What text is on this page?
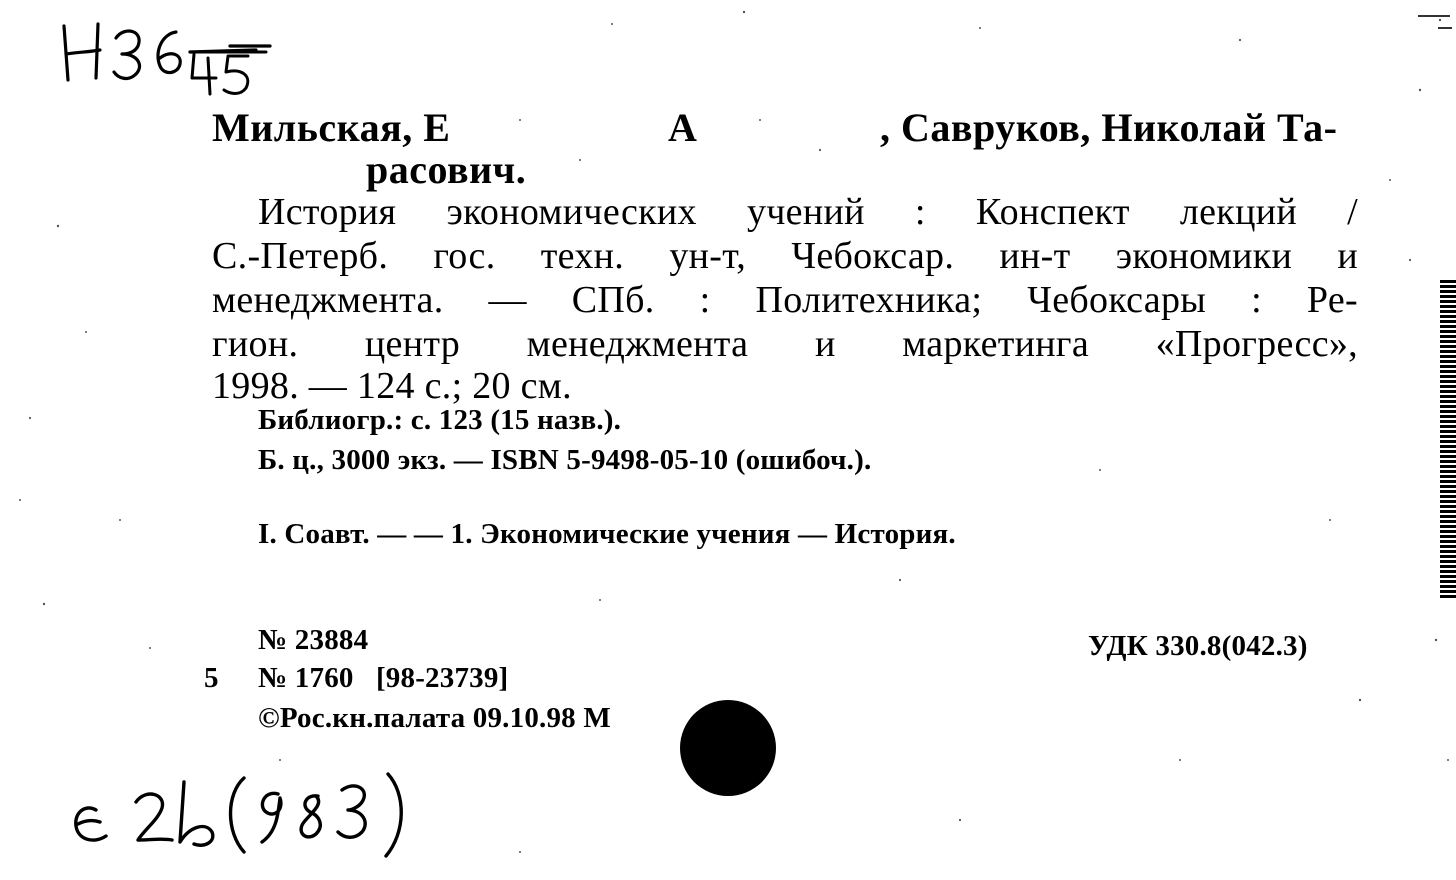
Н36
45
Мильская, Е	А	, Савруков, Николай Та-
расович.
История экономических учений : Конспект лекций /
С.-Петерб. гос. техн. ун-т, Чебоксар. ин-т экономики и
менеджмента. — СПб. : Политехника; Чебоксары : Ре-
гион. центр менеджмента и маркетинга «Прогресс»,
1998. — 124 с.; 20 см.
Библиогр.: с. 123 (15 назв.).
Б. ц., 3000 экз. — ISBN 5-9498-05-10 (ошибоч.).
I. Соавт. — — 1. Экономические учения — История.
№ 23884	УДК 330.8(042.3)
5 № 1760   [98-23739]
©Рос.кн.палата 09.10.98 М
с2Ь(983)
